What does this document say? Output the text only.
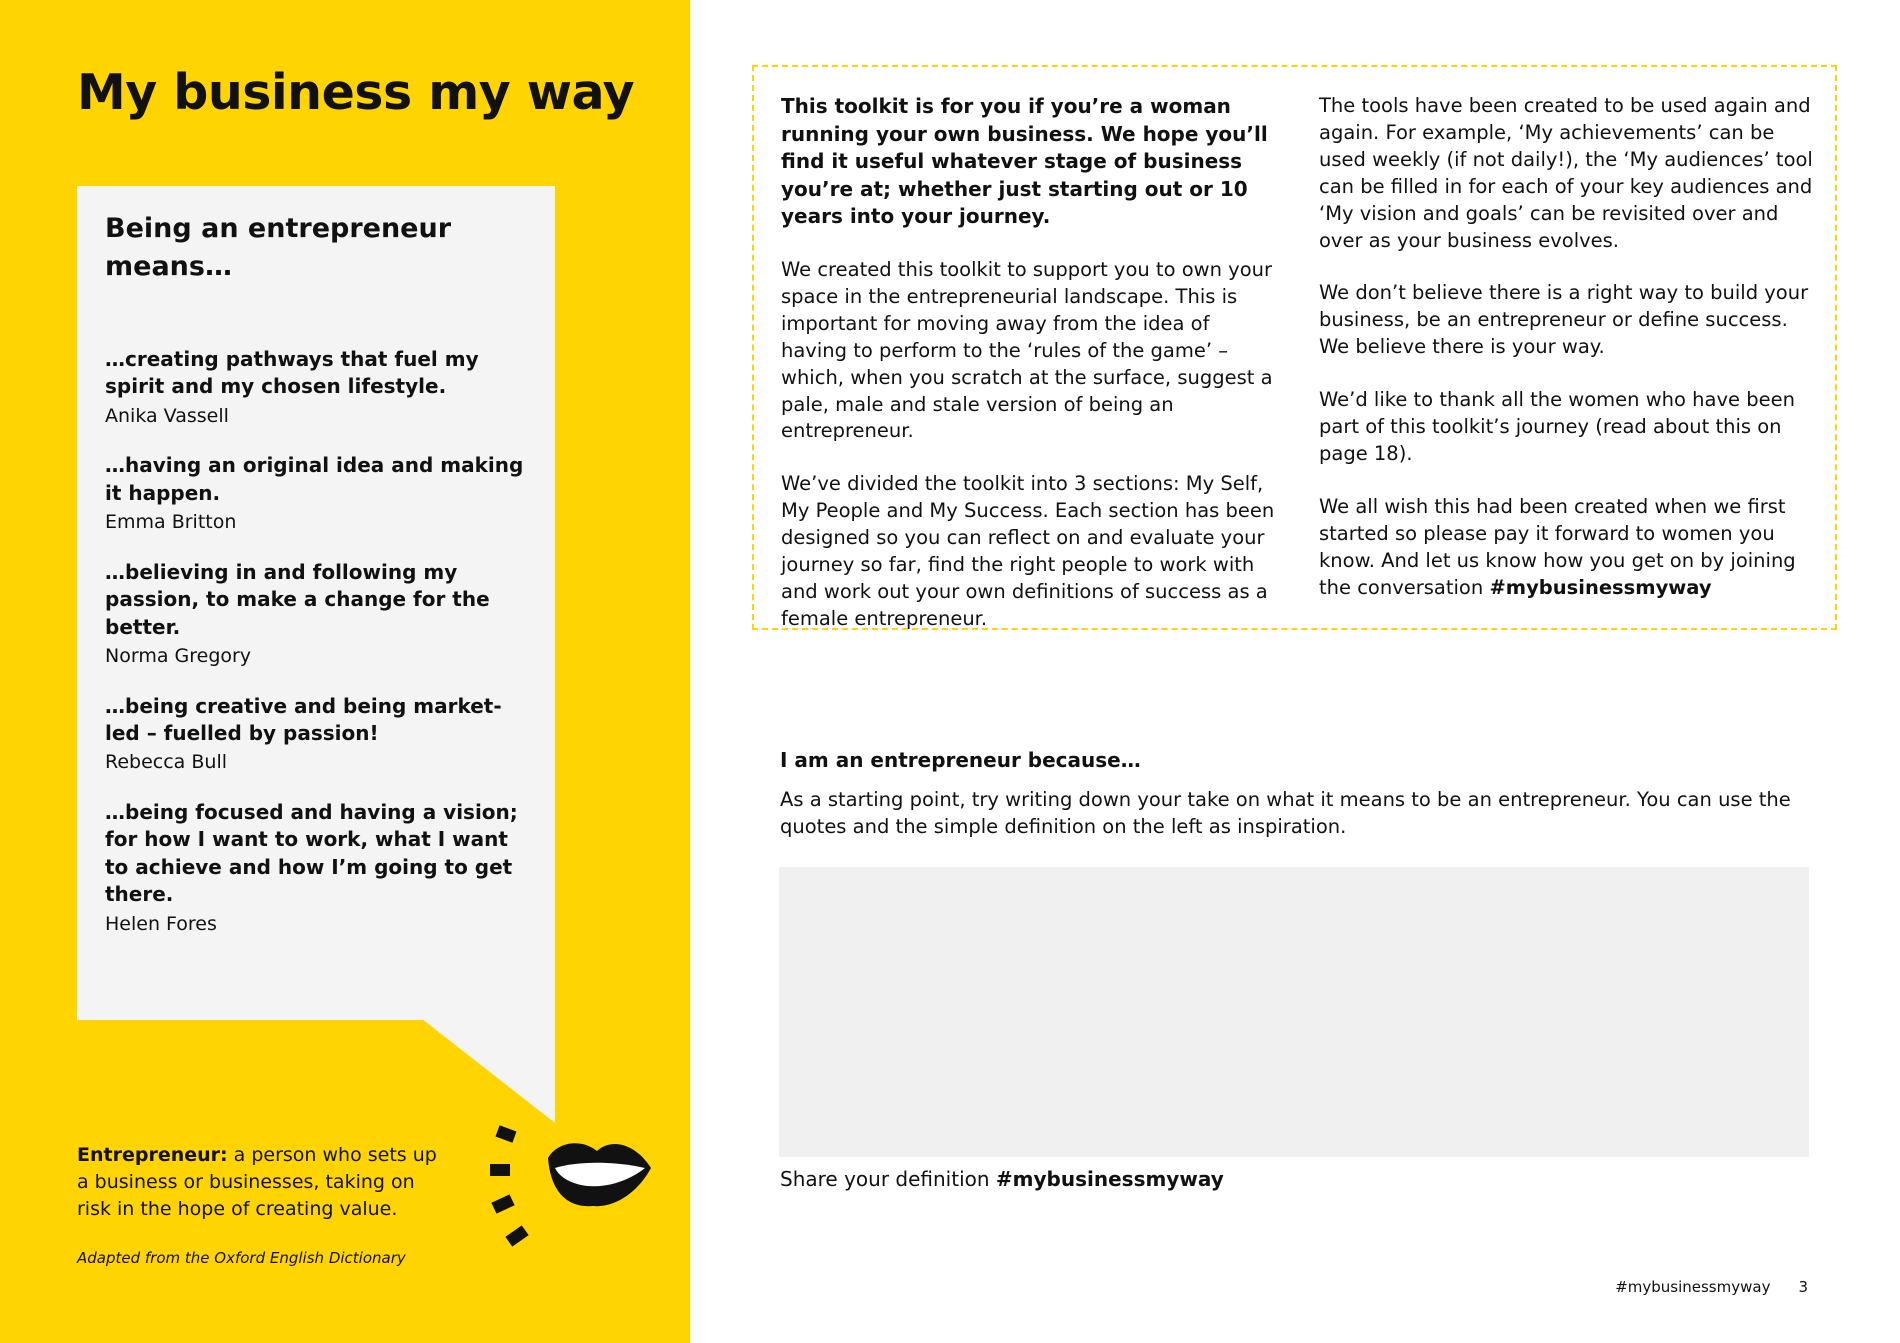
My business my way
Being an entrepreneur means…
…creating pathways that fuel my spirit and my chosen lifestyle.
Anika Vassell
…having an original idea and making it happen.
Emma Britton
…believing in and following my passion, to make a change for the better.
Norma Gregory
…being creative and being market-led – fuelled by passion!
Rebecca Bull
…being focused and having a vision; for how I want to work, what I want to achieve and how I’m going to get there.
Helen Fores

Entrepreneur: a person who sets up a business or businesses, taking on risk in the hope of creating value.

Adapted from the Oxford English Dictionary

This toolkit is for you if you’re a woman running your own business. We hope you’ll find it useful whatever stage of business you’re at; whether just starting out or 10 years into your journey.

We created this toolkit to support you to own your space in the entrepreneurial landscape. This is important for moving away from the idea of having to perform to the ‘rules of the game’ – which, when you scratch at the surface, suggest a pale, male and stale version of being an entrepreneur.

We’ve divided the toolkit into 3 sections: My Self, My People and My Success. Each section has been designed so you can reflect on and evaluate your journey so far, find the right people to work with and work out your own definitions of success as a female entrepreneur.

The tools have been created to be used again and again. For example, ‘My achievements’ can be used weekly (if not daily!), the ‘My audiences’ tool can be filled in for each of your key audiences and ‘My vision and goals’ can be revisited over and over as your business evolves.

We don’t believe there is a right way to build your business, be an entrepreneur or define success. We believe there is your way.

We’d like to thank all the women who have been part of this toolkit’s journey (read about this on page 18).

We all wish this had been created when we first started so please pay it forward to women you know. And let us know how you get on by joining the conversation #mybusinessmyway

I am an entrepreneur because…

As a starting point, try writing down your take on what it means to be an entrepreneur. You can use the quotes and the simple definition on the left as inspiration.

Share your definition #mybusinessmyway

#mybusinessmyway 3
